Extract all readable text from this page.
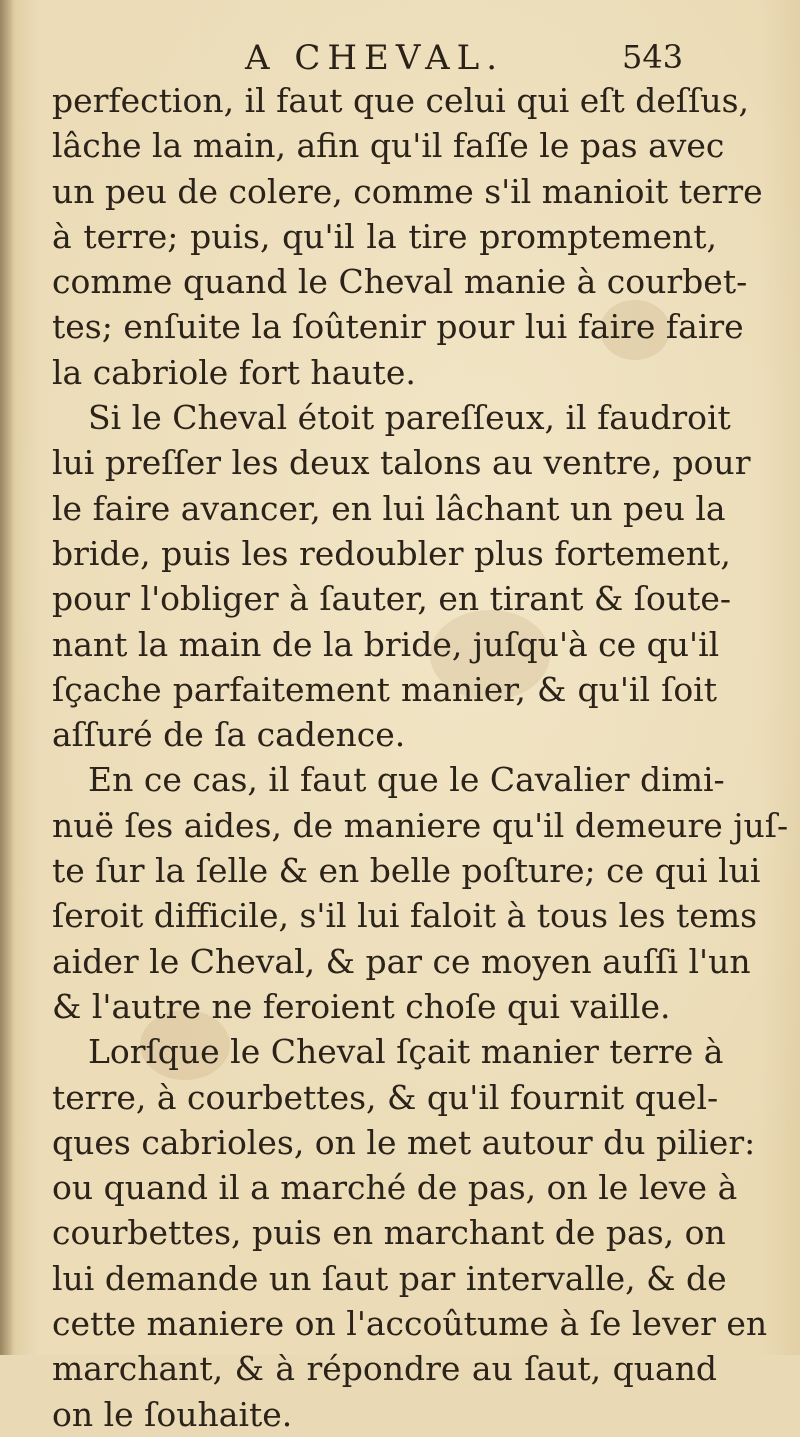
A CHEVAL.	543
perfection, il faut que celui qui eſt deſſus,
lâche la main, afin qu'il faſſe le pas avec
un peu de colere, comme s'il manioit terre
à terre; puis, qu'il la tire promptement,
comme quand le Cheval manie à courbet-
tes; enſuite la ſoûtenir pour lui faire faire
la cabriole fort haute.
Si le Cheval étoit pareſſeux, il faudroit
lui preſſer les deux talons au ventre, pour
le faire avancer, en lui lâchant un peu la
bride, puis les redoubler plus fortement,
pour l'obliger à ſauter, en tirant & ſoute-
nant la main de la bride, juſqu'à ce qu'il
ſçache parfaitement manier, & qu'il ſoit
aſſuré de ſa cadence.
En ce cas, il faut que le Cavalier dimi-
nuë ſes aides, de maniere qu'il demeure juſ-
te ſur la ſelle & en belle poſture; ce qui lui
ſeroit difficile, s'il lui faloit à tous les tems
aider le Cheval, & par ce moyen auſſi l'un
& l'autre ne feroient choſe qui vaille.
Lorſque le Cheval ſçait manier terre à
terre, à courbettes, & qu'il fournit quel-
ques cabrioles, on le met autour du pilier:
ou quand il a marché de pas, on le leve à
courbettes, puis en marchant de pas, on
lui demande un ſaut par intervalle, & de
cette maniere on l'accoûtume à ſe lever en
marchant, & à répondre au ſaut, quand
on le ſouhaite.
